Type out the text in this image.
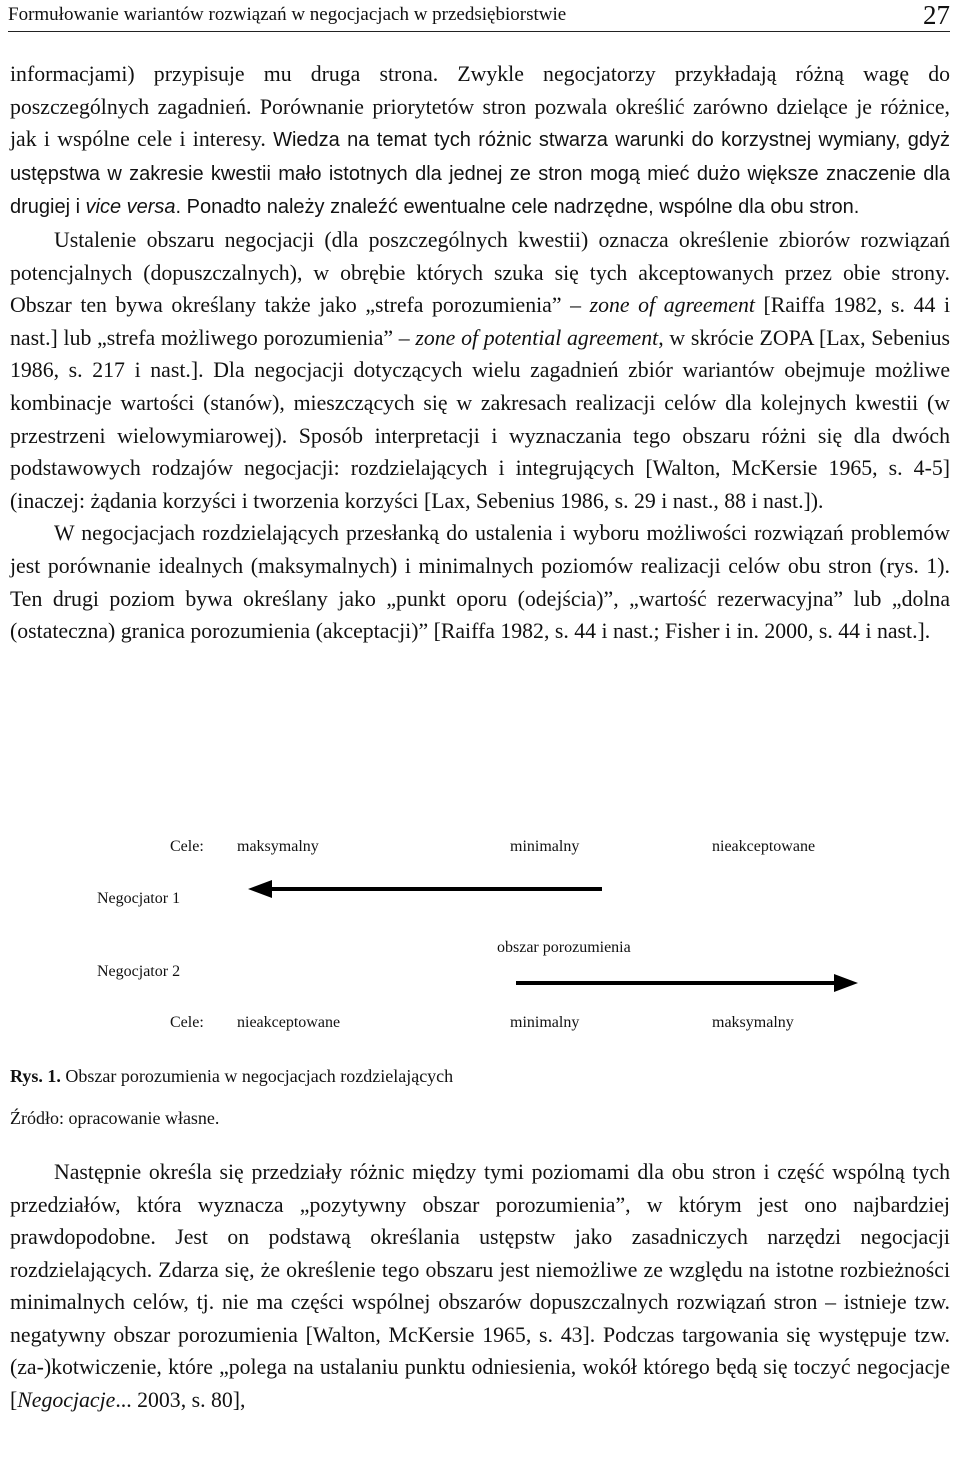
Formułowanie wariantów rozwiązań w negocjacjach w przedsiębiorstwie	27

informacjami) przypisuje mu druga strona. Zwykle negocjatorzy przykładają różną wagę do poszczególnych zagadnień. Porównanie priorytetów stron pozwala określić zarówno dzielące je różnice, jak i wspólne cele i interesy. Wiedza na temat tych różnic stwarza warunki do korzystnej wymiany, gdyż ustępstwa w zakresie kwestii mało istotnych dla jednej ze stron mogą mieć dużo większe znaczenie dla drugiej i vice versa. Ponadto należy znaleźć ewentualne cele nadrzędne, wspólne dla obu stron.

Ustalenie obszaru negocjacji (dla poszczególnych kwestii) oznacza określenie zbiorów rozwiązań potencjalnych (dopuszczalnych), w obrębie których szuka się tych akceptowanych przez obie strony. Obszar ten bywa określany także jako „strefa porozumienia” – zone of agreement [Raiffa 1982, s. 44 i nast.] lub „strefa możliwego porozumienia” – zone of potential agreement, w skrócie ZOPA [Lax, Sebenius 1986, s. 217 i nast.]. Dla negocjacji dotyczących wielu zagadnień zbiór wariantów obejmuje możliwe kombinacje wartości (stanów), mieszczących się w zakresach realizacji celów dla kolejnych kwestii (w przestrzeni wielowymiarowej). Sposób interpretacji i wyznaczania tego obszaru różni się dla dwóch podstawowych rodzajów negocjacji: rozdzielających i integrujących [Walton, McKersie 1965, s. 4-5] (inaczej: żądania korzyści i tworzenia korzyści [Lax, Sebenius 1986, s. 29 i nast., 88 i nast.]).

W negocjacjach rozdzielających przesłanką do ustalenia i wyboru możliwości rozwiązań problemów jest porównanie idealnych (maksymalnych) i minimalnych poziomów realizacji celów obu stron (rys. 1). Ten drugi poziom bywa określany jako „punkt oporu (odejścia)”, „wartość rezerwacyjna” lub „dolna (ostateczna) granica porozumienia (akceptacji)” [Raiffa 1982, s. 44 i nast.; Fisher i in. 2000, s. 44 i nast.].

Cele: maksymalny	minimalny	nieakceptowane
Negocjator 1
obszar porozumienia
Negocjator 2
Cele: nieakceptowane	minimalny	maksymalny
Rys. 1. Obszar porozumienia w negocjacjach rozdzielających
Źródło: opracowanie własne.

Następnie określa się przedziały różnic między tymi poziomami dla obu stron i część wspólną tych przedziałów, która wyznacza „pozytywny obszar porozumienia”, w którym jest ono najbardziej prawdopodobne. Jest on podstawą określania ustępstw jako zasadniczych narzędzi negocjacji rozdzielających. Zdarza się, że określenie tego obszaru jest niemożliwe ze względu na istotne rozbieżności minimalnych celów, tj. nie ma części wspólnej obszarów dopuszczalnych rozwiązań stron – istnieje tzw. negatywny obszar porozumienia [Walton, McKersie 1965, s. 43]. Podczas targowania się występuje tzw. (za-)kotwiczenie, które „polega na ustalaniu punktu odniesienia, wokół którego będą się toczyć negocjacje [Negocjacje... 2003, s. 80],
